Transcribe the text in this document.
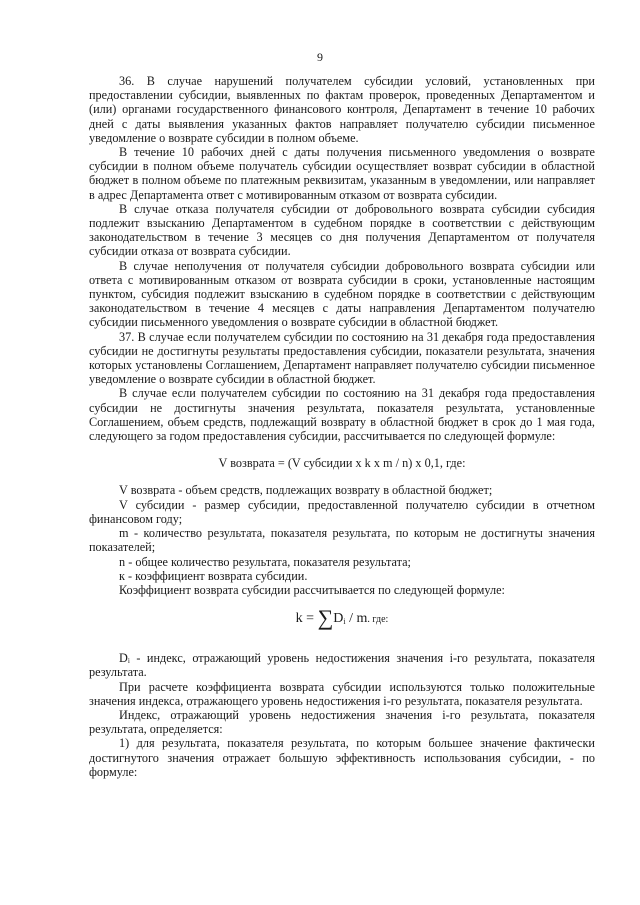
9

36. В случае нарушений получателем субсидии условий, установленных при предоставлении субсидии, выявленных по фактам проверок, проведенных Департаментом и (или) органами государственного финансового контроля, Департамент в течение 10 рабочих дней с даты выявления указанных фактов направляет получателю субсидии письменное уведомление о возврате субсидии в полном объеме.

В течение 10 рабочих дней с даты получения письменного уведомления о возврате субсидии в полном объеме получатель субсидии осуществляет возврат субсидии в областной бюджет в полном объеме по платежным реквизитам, указанным в уведомлении, или направляет в адрес Департамента ответ с мотивированным отказом от возврата субсидии.

В случае отказа получателя субсидии от добровольного возврата субсидии субсидия подлежит взысканию Департаментом в судебном порядке в соответствии с действующим законодательством в течение 3 месяцев со дня получения Департаментом от получателя субсидии отказа от возврата субсидии.

В случае неполучения от получателя субсидии добровольного возврата субсидии или ответа с мотивированным отказом от возврата субсидии в сроки, установленные настоящим пунктом, субсидия подлежит взысканию в судебном порядке в соответствии с действующим законодательством в течение 4 месяцев с даты направления Департаментом получателю субсидии письменного уведомления о возврате субсидии в областной бюджет.

37. В случае если получателем субсидии по состоянию на 31 декабря года предоставления субсидии не достигнуты результаты предоставления субсидии, показатели результата, значения которых установлены Соглашением, Департамент направляет получателю субсидии письменное уведомление о возврате субсидии в областной бюджет.

В случае если получателем субсидии по состоянию на 31 декабря года предоставления субсидии не достигнуты значения результата, показателя результата, установленные Соглашением, объем средств, подлежащий возврату в областной бюджет в срок до 1 мая года, следующего за годом предоставления субсидии, рассчитывается по следующей формуле:

V возврата = (V субсидии x k x m / n) x 0,1, где:

V возврата - объем средств, подлежащих возврату в областной бюджет;

V субсидии - размер субсидии, предоставленной получателю субсидии в отчетном финансовом году;

m - количество результата, показателя результата, по которым не достигнуты значения показателей;

n - общее количество результата, показателя результата;

к - коэффициент возврата субсидии.

Коэффициент возврата субсидии рассчитывается по следующей формуле:

$k = \sum D_i / m$. где:

Dᵢ - индекс, отражающий уровень недостижения значения i-го результата, показателя результата.

При расчете коэффициента возврата субсидии используются только положительные значения индекса, отражающего уровень недостижения i-го результата, показателя результата.

Индекс, отражающий уровень недостижения значения i-го результата, показателя результата, определяется:

1) для результата, показателя результата, по которым большее значение фактически достигнутого значения отражает большую эффективность использования субсидии, - по формуле:
